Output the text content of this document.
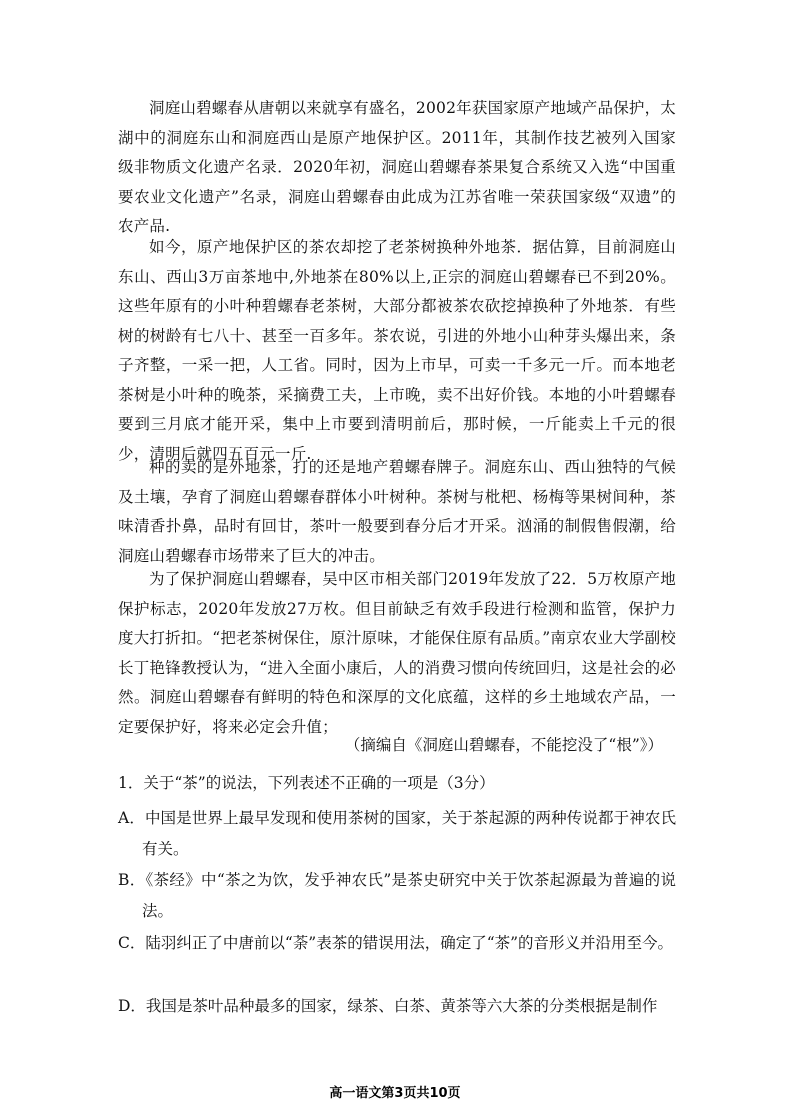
洞庭山碧螺春从唐朝以来就享有盛名，2002年获国家原产地域产品保护，太湖中的洞庭东山和洞庭西山是原产地保护区。2011年，其制作技艺被列入国家级非物质文化遗产名录．2020年初，洞庭山碧螺春茶果复合系统又入选“中国重要农业文化遗产”名录，洞庭山碧螺春由此成为江苏省唯一荣获国家级“双遗”的农产品.

如今，原产地保护区的茶农却挖了老茶树换种外地茶．据估算，目前洞庭山东山、西山3万亩茶地中,外地茶在80%以上,正宗的洞庭山碧螺春已不到20%。这些年原有的小叶种碧螺春老茶树，大部分都被茶农砍挖掉换种了外地茶．有些树的树龄有七八十、甚至一百多年。茶农说，引进的外地小山种芽头爆出来，条子齐整，一采一把，人工省。同时，因为上市早，可卖一千多元一斤。而本地老茶树是小叶种的晚茶，采摘费工夫，上市晚，卖不出好价钱。本地的小叶碧螺春要到三月底才能开采，集中上市要到清明前后，那时候，一斤能卖上千元的很少，清明后就四五百元一斤.

种的卖的是外地茶，打的还是地产碧螺春牌子。洞庭东山、西山独特的气候及土壤，孕育了洞庭山碧螺春群体小叶树种。茶树与枇杷、杨梅等果树间种，茶味清香扑鼻，品时有回甘，茶叶一般要到春分后才开采。汹涌的制假售假潮，给洞庭山碧螺春市场带来了巨大的冲击。

为了保护洞庭山碧螺春，吴中区市相关部门2019年发放了22．5万枚原产地保护标志，2020年发放27万枚。但目前缺乏有效手段进行检测和监管，保护力度大打折扣。“把老茶树保住，原汁原味，才能保住原有品质。”南京农业大学副校长丁艳锋教授认为，“进入全面小康后，人的消费习惯向传统回归，这是社会的必然。洞庭山碧螺春有鲜明的特色和深厚的文化底蕴，这样的乡土地域农产品，一定要保护好，将来必定会升值；

（摘编自《洞庭山碧螺春，不能挖没了“根”》）
1．关于“茶”的说法，下列表述不正确的一项是（3分）
A．中国是世界上最早发现和使用茶树的国家，关于茶起源的两种传说都于神农氏有关。
B．《茶经》中“茶之为饮，发乎神农氏”是茶史研究中关于饮茶起源最为普遍的说法。
C．陆羽纠正了中唐前以“荼”表茶的错误用法，确定了“茶”的音形义并沿用至今。
D．我国是茶叶品种最多的国家，绿茶、白茶、黄茶等六大茶的分类根据是制作
高一语文第3页共10页
